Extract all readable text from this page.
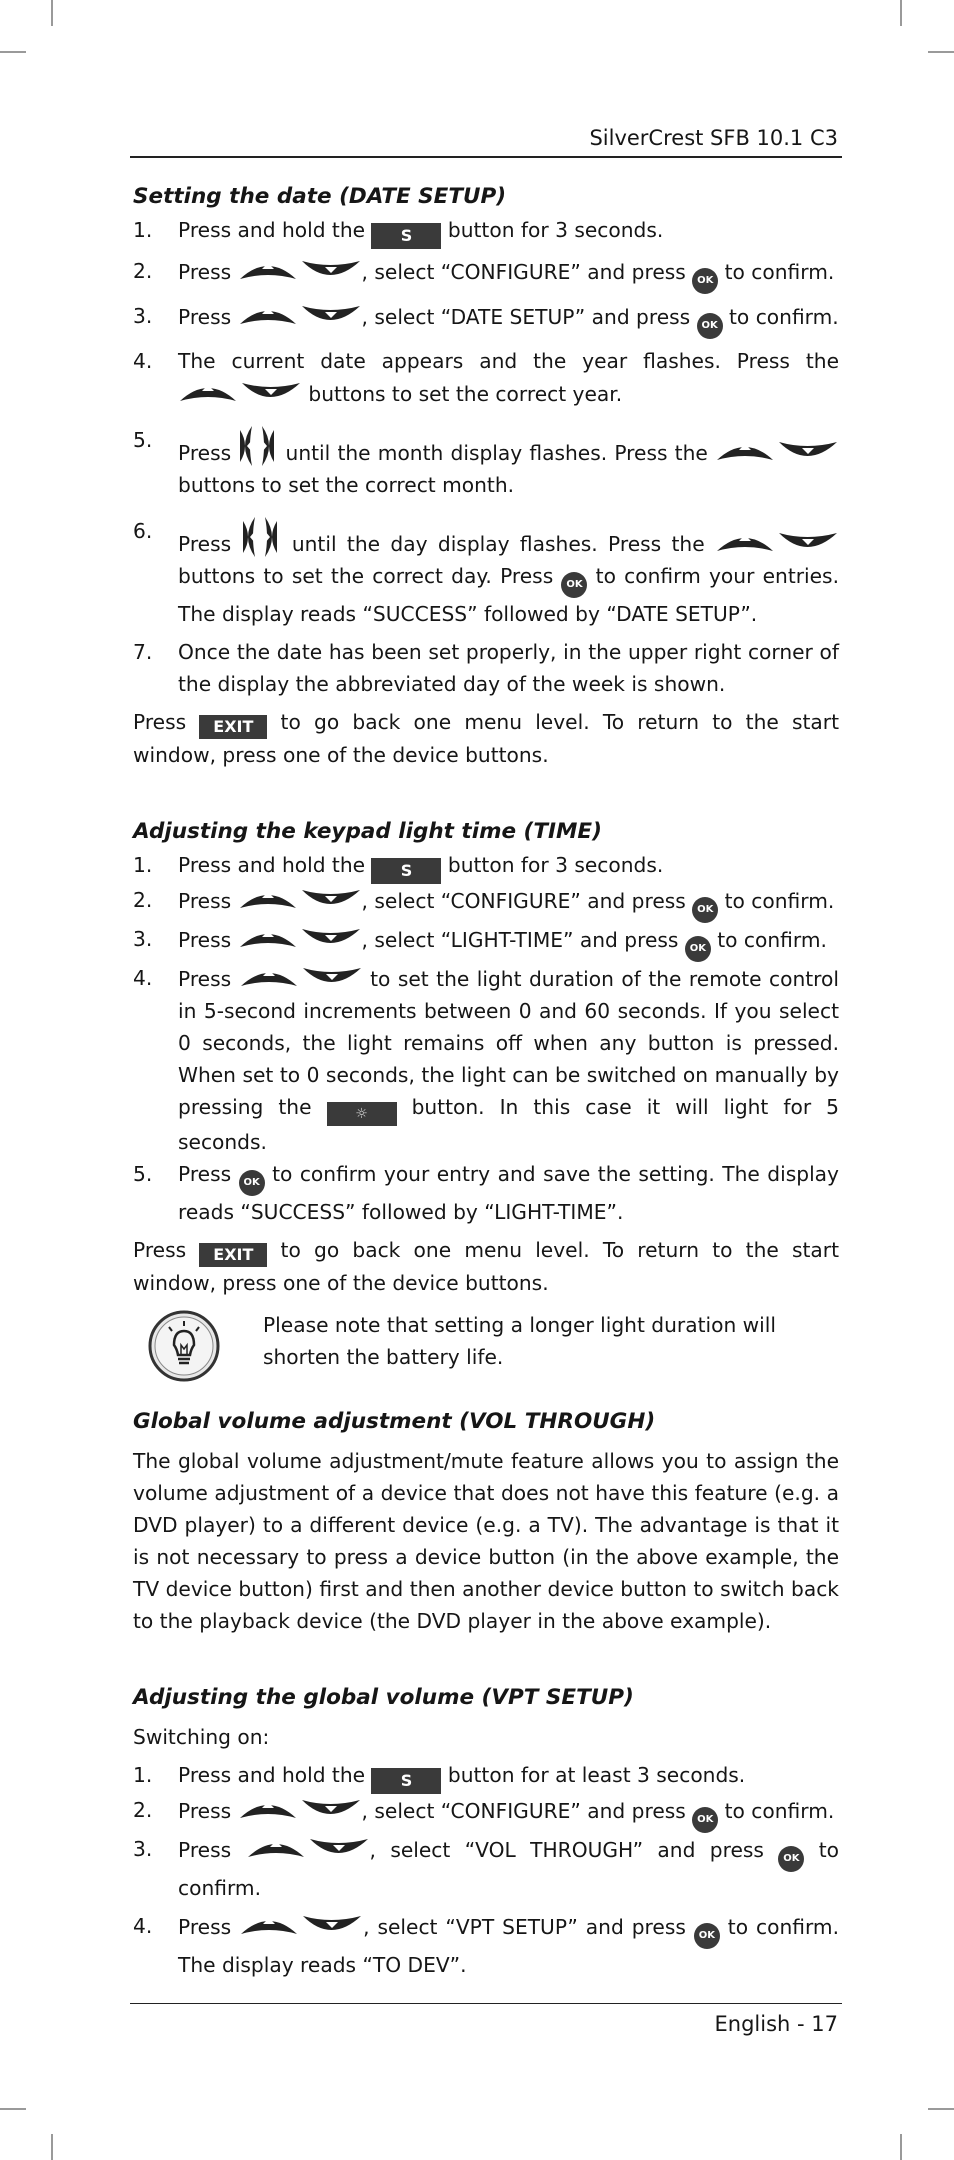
SilverCrest SFB 10.1 C3
Setting the date (DATE SETUP)
1. Press and hold the S button for 3 seconds.
2. Press	, select “CONFIGURE” and press OK to confirm.
3. Press	, select “DATE SETUP” and press OK to confirm.
4. The current date appears and the year flashes. Press the  buttons to set the correct year.
5.
Press  until the month display flashes. Press the  buttons to set the correct month.
6.
Press  until the day display flashes. Press the  buttons to set the correct day. Press OK to confirm your entries. The display reads “SUCCESS” followed by “DATE SETUP”.
7. Once the date has been set properly, in the upper right corner of the display the abbreviated day of the week is shown.

Press EXIT to go back one menu level. To return to the start window, press one of the device buttons.

Adjusting the keypad light time (TIME)
1. Press and hold the S button for 3 seconds.
2. Press	, select “CONFIGURE” and press OK to confirm.
3. Press	, select “LIGHT-TIME” and press OK to confirm.
4. Press	to set the light duration of the remote control in 5-second increments between 0 and 60 seconds. If you select 0 seconds, the light remains off when any button is pressed. When set to 0 seconds, the light can be switched on manually by pressing the ☼ button. In this case it will light for 5 seconds.
5. Press OK to confirm your entry and save the setting. The display reads “SUCCESS” followed by “LIGHT-TIME”.

Press EXIT to go back one menu level. To return to the start window, press one of the device buttons.

Please note that setting a longer light duration will shorten the battery life.
Global volume adjustment (VOL THROUGH)

The global volume adjustment/mute feature allows you to assign the volume adjustment of a device that does not have this feature (e.g. a DVD player) to a different device (e.g. a TV). The advantage is that it is not necessary to press a device button (in the above example, the TV device button) first and then another device button to switch back to the playback device (the DVD player in the above example).

Adjusting the global volume (VPT SETUP)

Switching on:

1. Press and hold the S button for at least 3 seconds.
2. Press	, select “CONFIGURE” and press OK to confirm.
3. Press	, select “VOL THROUGH” and press OK to confirm.
4. Press	, select “VPT SETUP” and press OK to confirm. The display reads “TO DEV”.
English - 17
